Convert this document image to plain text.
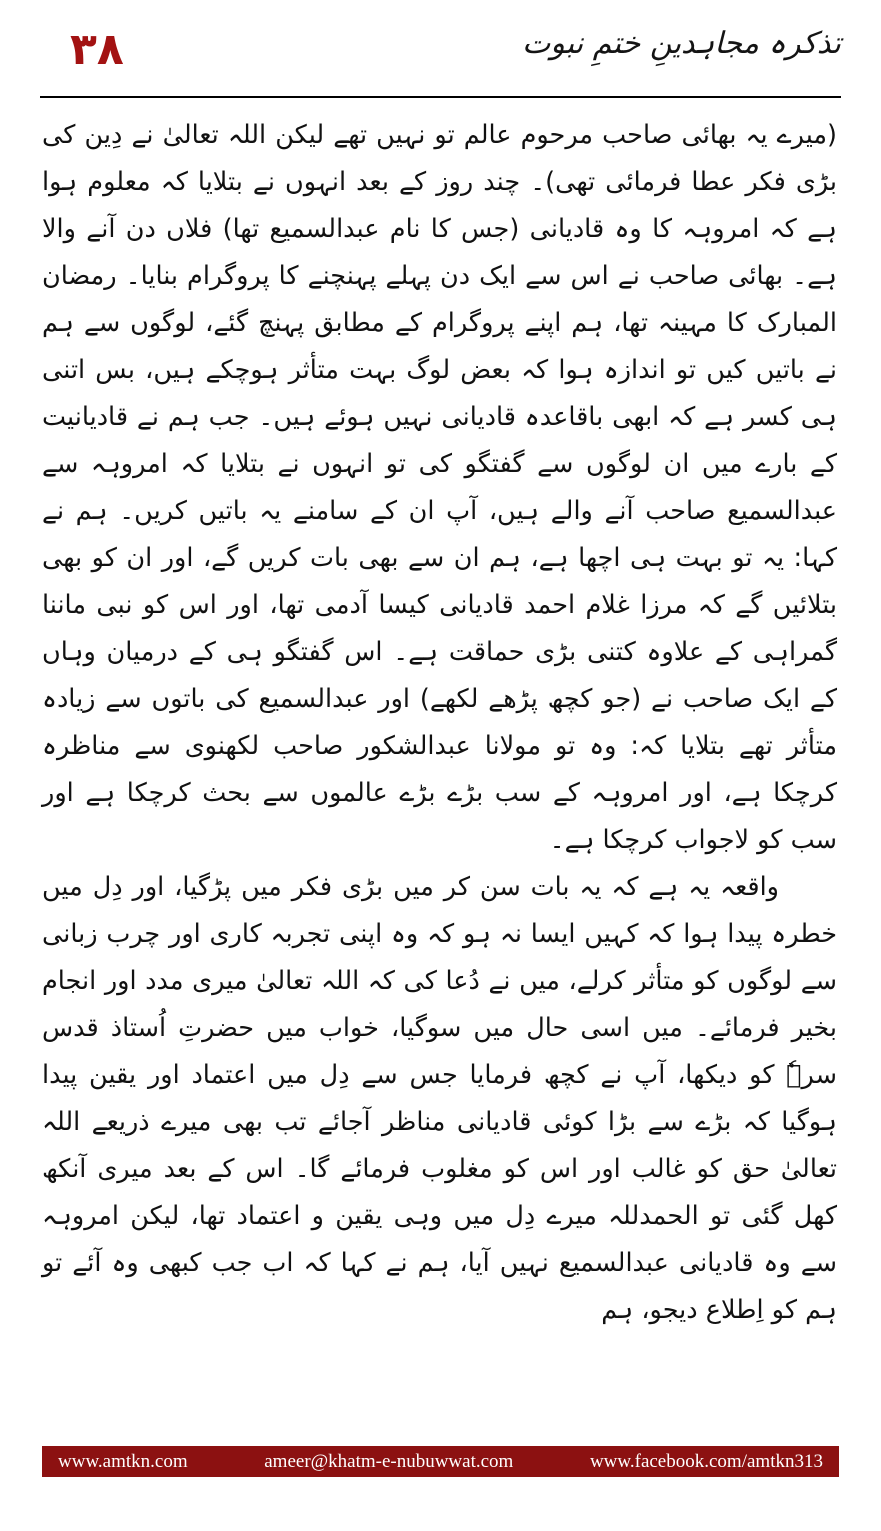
۳۸	تذکرہ مجاہدینِ ختمِ نبوت

(میرے یہ بھائی صاحب مرحوم عالم تو نہیں تھے لیکن اللہ تعالیٰ نے دِین کی بڑی فکر عطا فرمائی تھی)۔ چند روز کے بعد انہوں نے بتلایا کہ معلوم ہوا ہے کہ امروہہ کا وہ قادیانی (جس کا نام عبدالسمیع تھا) فلاں دن آنے والا ہے۔ بھائی صاحب نے اس سے ایک دن پہلے پہنچنے کا پروگرام بنایا۔ رمضان المبارک کا مہینہ تھا، ہم اپنے پروگرام کے مطابق پہنچ گئے، لوگوں سے ہم نے باتیں کیں تو اندازہ ہوا کہ بعض لوگ بہت متأثر ہوچکے ہیں، بس اتنی ہی کسر ہے کہ ابھی باقاعدہ قادیانی نہیں ہوئے ہیں۔ جب ہم نے قادیانیت کے بارے میں ان لوگوں سے گفتگو کی تو انہوں نے بتلایا کہ امروہہ سے عبدالسمیع صاحب آنے والے ہیں، آپ ان کے سامنے یہ باتیں کریں۔ ہم نے کہا: یہ تو بہت ہی اچھا ہے، ہم ان سے بھی بات کریں گے، اور ان کو بھی بتلائیں گے کہ مرزا غلام احمد قادیانی کیسا آدمی تھا، اور اس کو نبی ماننا گمراہی کے علاوہ کتنی بڑی حماقت ہے۔ اس گفتگو ہی کے درمیان وہاں کے ایک صاحب نے (جو کچھ پڑھے لکھے) اور عبدالسمیع کی باتوں سے زیادہ متأثر تھے بتلایا کہ: وہ تو مولانا عبدالشکور صاحب لکھنوی سے مناظرہ کرچکا ہے، اور امروہہ کے سب بڑے بڑے عالموں سے بحث کرچکا ہے اور سب کو لاجواب کرچکا ہے۔

واقعہ یہ ہے کہ یہ بات سن کر میں بڑی فکر میں پڑگیا، اور دِل میں خطرہ پیدا ہوا کہ کہیں ایسا نہ ہو کہ وہ اپنی تجربہ کاری اور چرب زبانی سے لوگوں کو متأثر کرلے، میں نے دُعا کی کہ اللہ تعالیٰ میری مدد اور انجام بخیر فرمائے۔ میں اسی حال میں سوگیا، خواب میں حضرتِ اُستاذ قدس سرہٗ کو دیکھا، آپ نے کچھ فرمایا جس سے دِل میں اعتماد اور یقین پیدا ہوگیا کہ بڑے سے بڑا کوئی قادیانی مناظر آجائے تب بھی میرے ذریعے اللہ تعالیٰ حق کو غالب اور اس کو مغلوب فرمائے گا۔ اس کے بعد میری آنکھ کھل گئی تو الحمدللہ میرے دِل میں وہی یقین و اعتماد تھا، لیکن امروہہ سے وہ قادیانی عبدالسمیع نہیں آیا، ہم نے کہا کہ اب جب کبھی وہ آئے تو ہم کو اِطلاع دیجو، ہم

www.amtkn.com	ameer@khatm-e-nubuwwat.com	www.facebook.com/amtkn313
